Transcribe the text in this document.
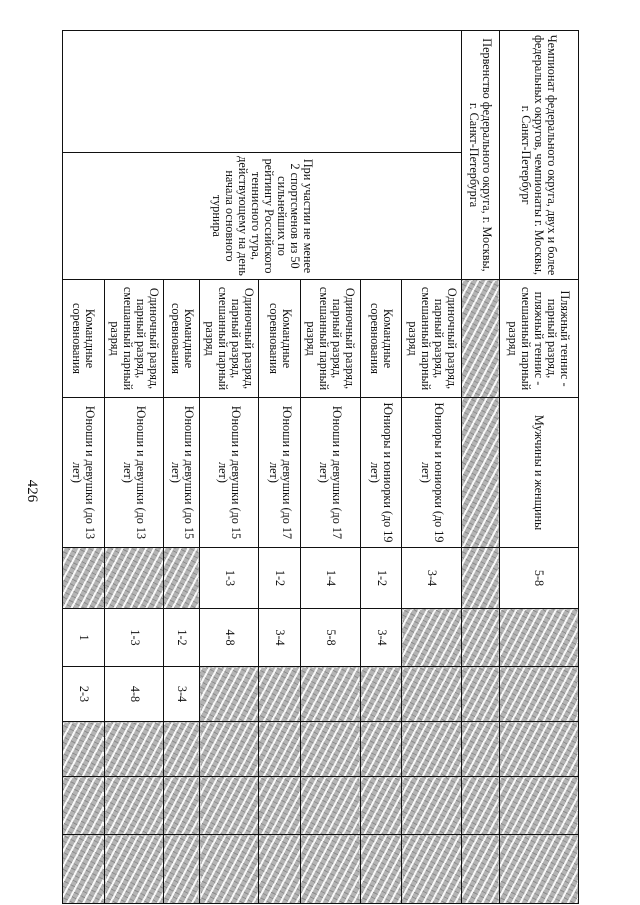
426
Чемпионат федерального округа, двух и более федеральных округов, чемпионаты г. Москвы, г. Санкт-Петербург		Пляжный теннис - парный разряд, пляжный теннис - смешанный парный разряд	Мужчины и женщины	5-8					
Первенство федерального округа, г. Москвы, г. Санкт-Петербурга									
	При участии не менее 2 спортсменов из 50 сильнейших по рейтингу Российского теннисного тура, действующему на день начала основного турнира	Одиночный разряд, парный разряд, смешанный парный разряд	Юниоры и юниорки (до 19 лет)	3-4					
		Командные соревнования	Юниоры и юниорки (до 19 лет)	1-2	3-4				
		Одиночный разряд, парный разряд, смешанный парный разряд	Юноши и девушки (до 17 лет)	1-4	5-8				
		Командные соревнования	Юноши и девушки (до 17 лет)	1-2	3-4				
		Одиночный разряд, парный разряд, смешанный парный разряд	Юноши и девушки (до 15 лет)	1-3	4-8				
		Командные соревнования	Юноши и девушки (до 15 лет)		1-2	3-4			
		Одиночный разряд, парный разряд, смешанный парный разряд	Юноши и девушки (до 13 лет)		1-3	4-8			
		Командные соревнования	Юноши и девушки (до 13 лет)		1	2-3			
